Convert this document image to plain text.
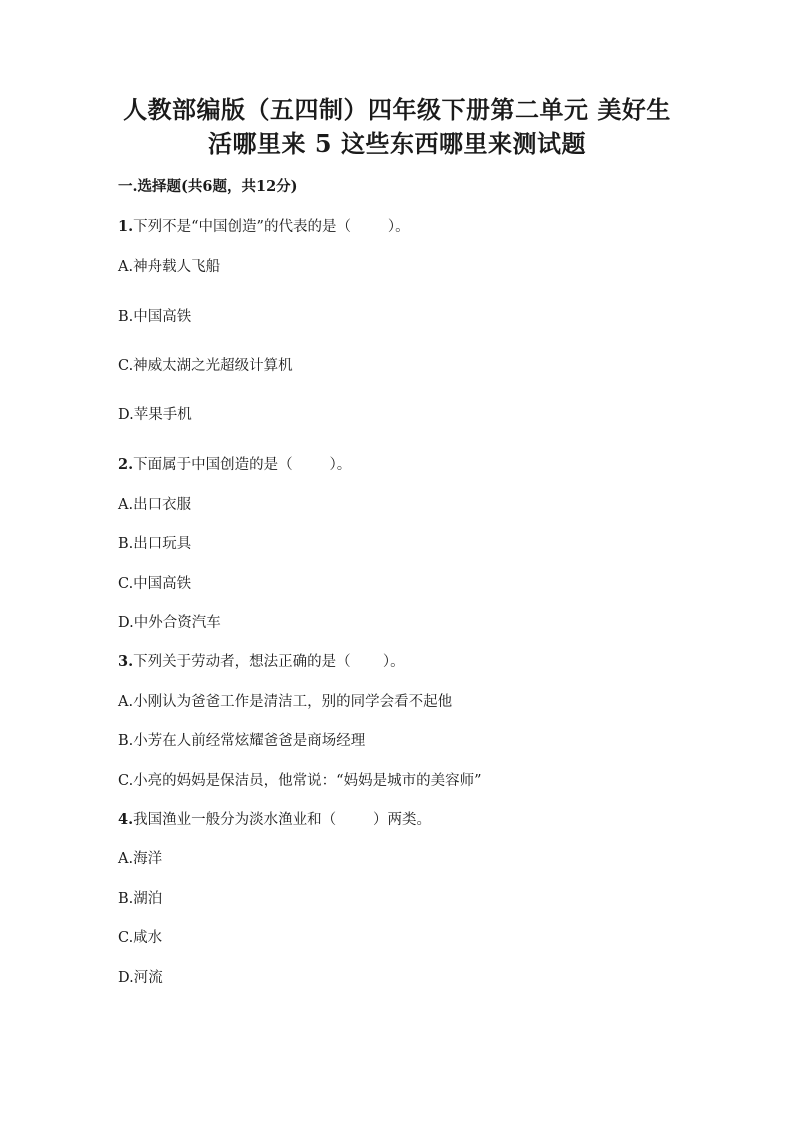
人教部编版（五四制）四年级下册第二单元 美好生
活哪里来 5 这些东西哪里来测试题
一.选择题(共6题，共12分)
1.下列不是“中国创造”的代表的是（        ）。
A.神舟载人飞船
B.中国高铁
C.神威太湖之光超级计算机
D.苹果手机
2.下面属于中国创造的是（        ）。
A.出口衣服
B.出口玩具
C.中国高铁
D.中外合资汽车
3.下列关于劳动者，想法正确的是（       ）。
A.小刚认为爸爸工作是清洁工，别的同学会看不起他
B.小芳在人前经常炫耀爸爸是商场经理
C.小亮的妈妈是保洁员，他常说：“妈妈是城市的美容师”
4.我国渔业一般分为淡水渔业和（        ）两类。
A.海洋
B.湖泊
C.咸水
D.河流
